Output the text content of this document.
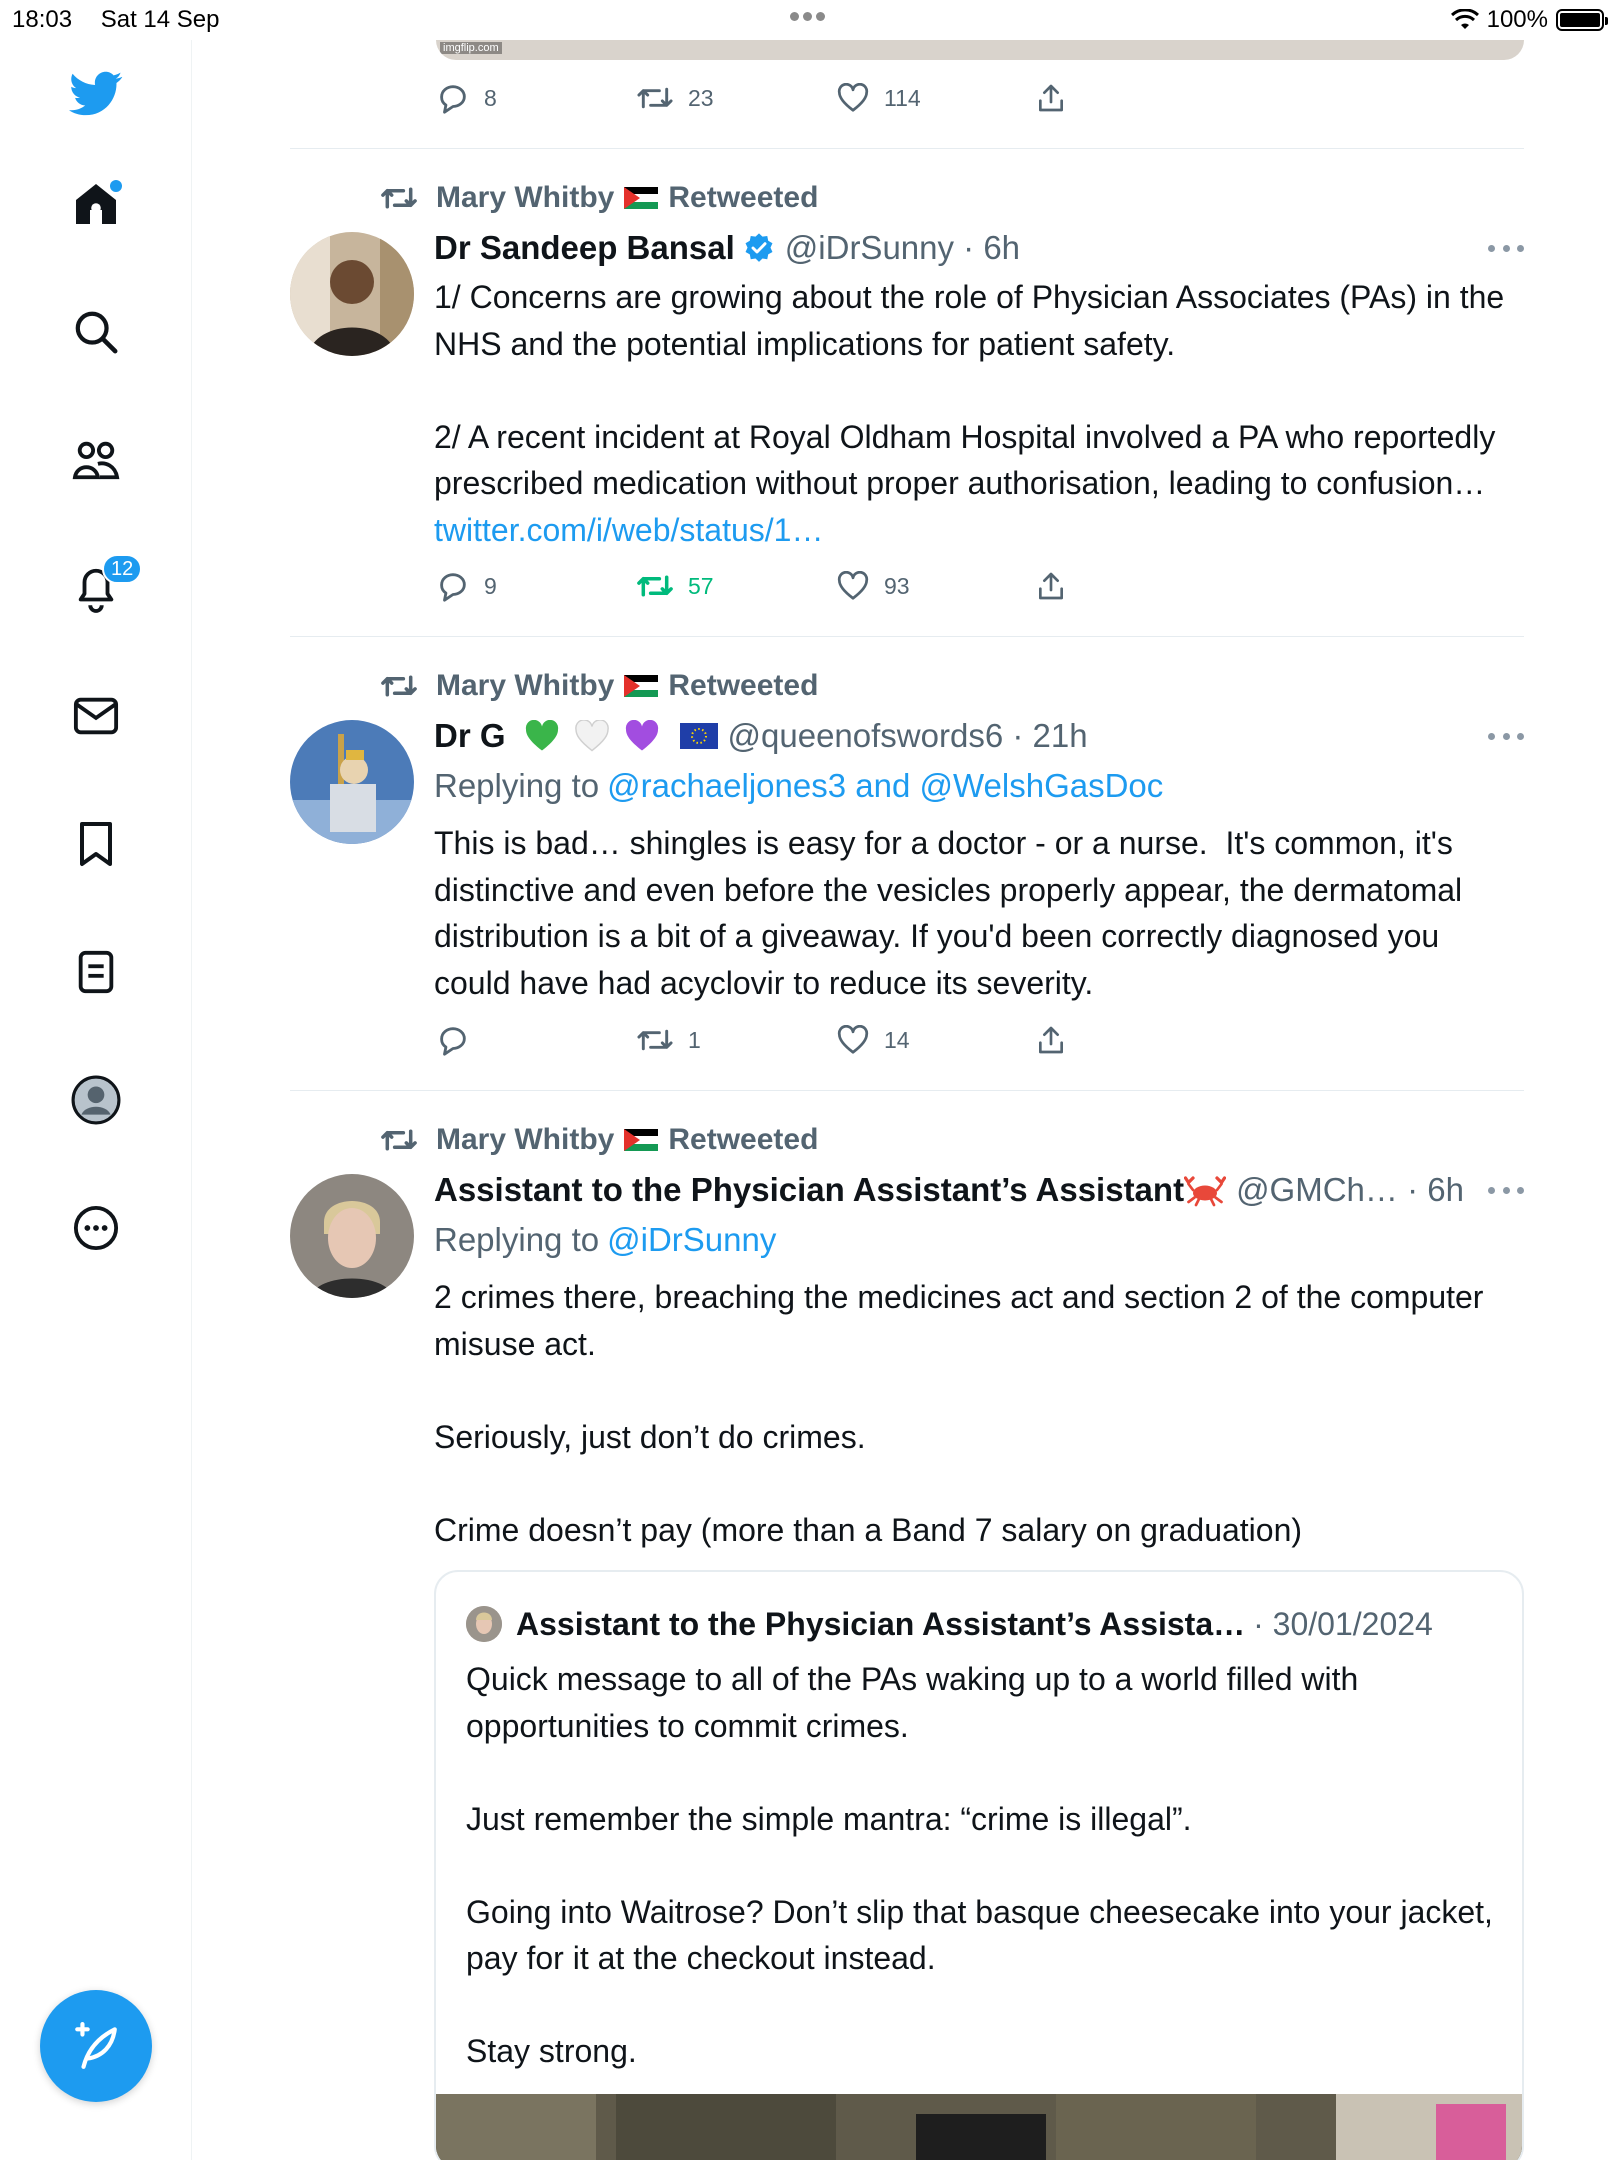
18:03 Sat 14 Sep	100%
12
imgflip.com
8	23	114
Mary Whitby Retweeted
Dr Sandeep Bansal @iDrSunny · 6h
1/ Concerns are growing about the role of Physician Associates (PAs) in the NHS and the potential implications for patient safety.

2/ A recent incident at Royal Oldham Hospital involved a PA who reportedly prescribed medication without proper authorisation, leading to confusion… twitter.com/i/web/status/1…
9	57	93
Mary Whitby Retweeted
Dr G	@queenofswords6 · 21h
Replying to @rachaeljones3 and @WelshGasDoc
This is bad… shingles is easy for a doctor - or a nurse.  It's common, it's distinctive and even before the vesicles properly appear, the dermatomal distribution is a bit of a giveaway. If you'd been correctly diagnosed you could have had acyclovir to reduce its severity.
1	14
Mary Whitby Retweeted
Assistant to the Physician Assistant’s Assistant @GMCh… · 6h
Replying to @iDrSunny
2 crimes there, breaching the medicines act and section 2 of the computer misuse act.

Seriously, just don’t do crimes.

Crime doesn’t pay (more than a Band 7 salary on graduation)
Assistant to the Physician Assistant’s Assista… · 30/01/2024
Quick message to all of the PAs waking up to a world filled with opportunities to commit crimes.

Just remember the simple mantra: “crime is illegal”.

Going into Waitrose? Don’t slip that basque cheesecake into your jacket, pay for it at the checkout instead.

Stay strong.
